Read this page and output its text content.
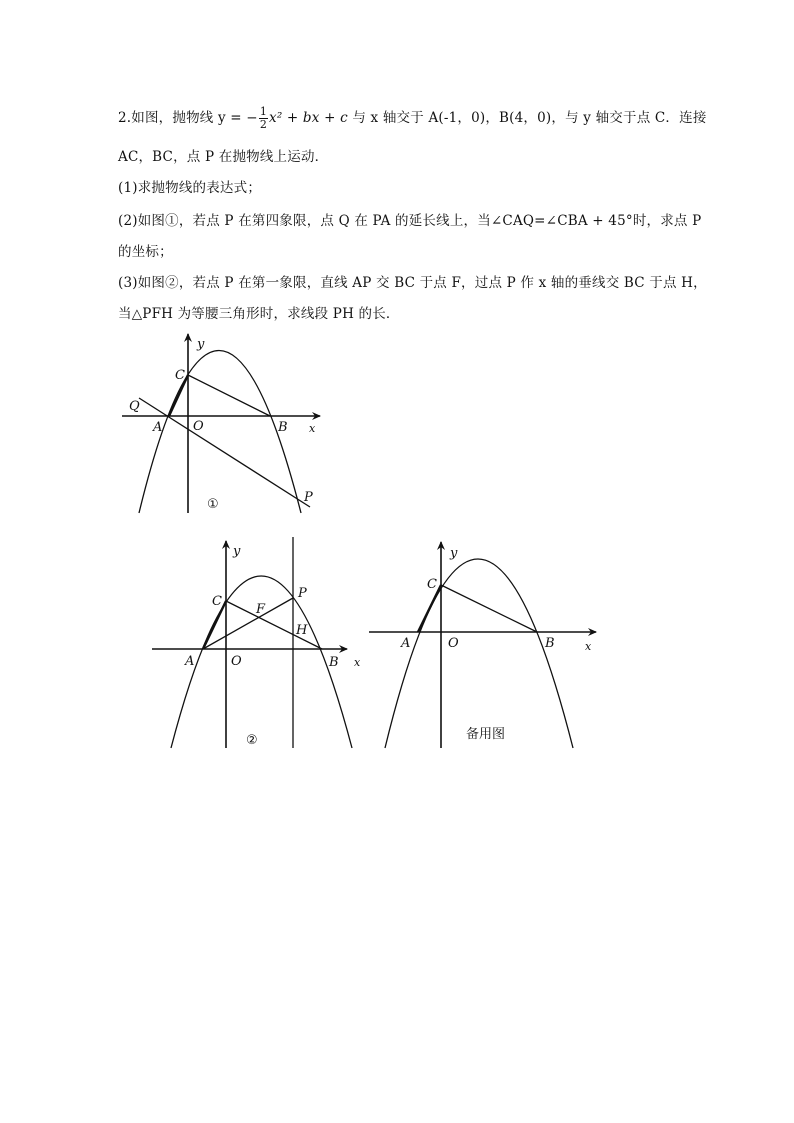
2.如图，抛物线 y = − $\frac{1}{2} x^2$ + bx + c 与 x 轴交于 A(-1，0)，B(4，0)，与 y 轴交于点 C．连接
AC，BC，点 P 在抛物线上运动．
(1)求抛物线的表达式；
(2)如图①，若点 P 在第四象限，点 Q 在 PA 的延长线上，当∠CAQ=∠CBA + 45°时，求点 P
的坐标；
(3)如图②，若点 P 在第一象限，直线 AP 交 BC 于点 F，过点 P 作 x 轴的垂线交 BC 于点 H，
当△PFH 为等腰三角形时，求线段 PH 的长．
y
x
C
Q
A O	B
P
①
y
x
C
F
P
H
A	O	B
②
y
x
C
A	O	B
备用图
